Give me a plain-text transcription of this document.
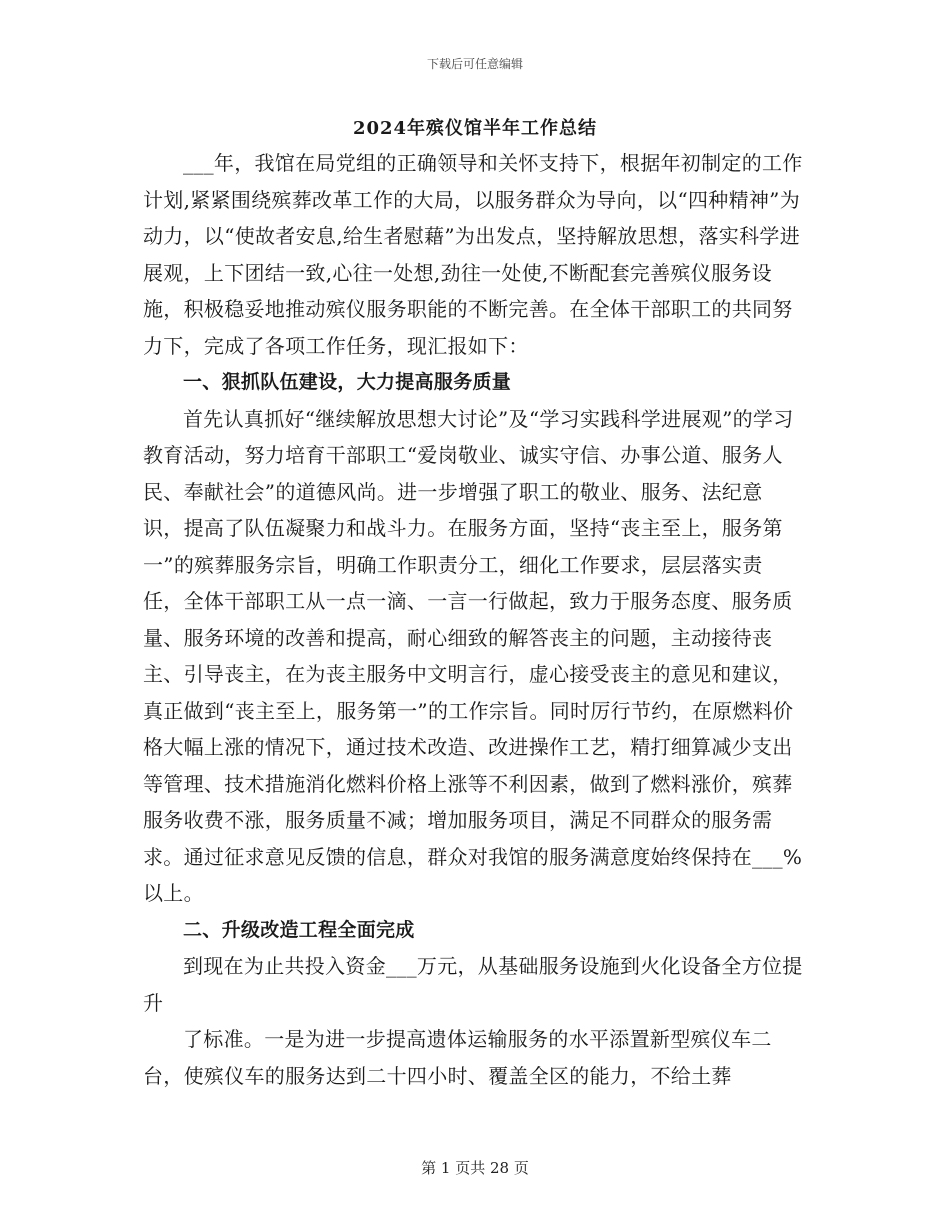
下载后可任意编辑
2024年殡仪馆半年工作总结

___年，我馆在局党组的正确领导和关怀支持下，根据年初制定的工作计划,紧紧围绕殡葬改革工作的大局，以服务群众为导向，以“四种精神”为动力，以“使故者安息,给生者慰藉”为出发点，坚持解放思想，落实科学进展观，上下团结一致,心往一处想,劲往一处使,不断配套完善殡仪服务设施，积极稳妥地推动殡仪服务职能的不断完善。在全体干部职工的共同努力下，完成了各项工作任务，现汇报如下：

一、狠抓队伍建设，大力提高服务质量

首先认真抓好“继续解放思想大讨论”及“学习实践科学进展观”的学习教育活动，努力培育干部职工“爱岗敬业、诚实守信、办事公道、服务人民、奉献社会”的道德风尚。进一步增强了职工的敬业、服务、法纪意识，提高了队伍凝聚力和战斗力。在服务方面，坚持“丧主至上，服务第一”的殡葬服务宗旨，明确工作职责分工，细化工作要求，层层落实责任，全体干部职工从一点一滴、一言一行做起，致力于服务态度、服务质量、服务环境的改善和提高，耐心细致的解答丧主的问题，主动接待丧主、引导丧主，在为丧主服务中文明言行，虚心接受丧主的意见和建议，真正做到“丧主至上，服务第一”的工作宗旨。同时厉行节约，在原燃料价格大幅上涨的情况下，通过技术改造、改进操作工艺，精打细算减少支出等管理、技术措施消化燃料价格上涨等不利因素，做到了燃料涨价，殡葬服务收费不涨，服务质量不减；增加服务项目，满足不同群众的服务需求。通过征求意见反馈的信息，群众对我馆的服务满意度始终保持在___%以上。

二、升级改造工程全面完成

到现在为止共投入资金___万元，从基础服务设施到火化设备全方位提升

了标准。一是为进一步提高遗体运输服务的水平添置新型殡仪车二台，使殡仪车的服务达到二十四小时、覆盖全区的能力，不给土葬

第 1 页共 28 页
